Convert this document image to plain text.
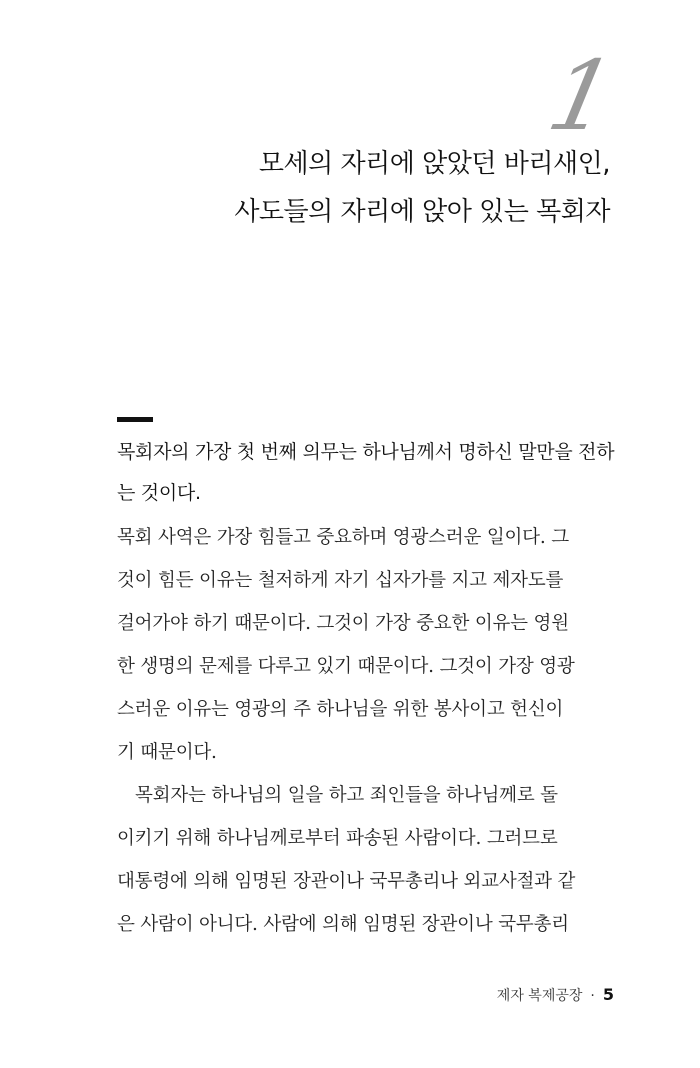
1
모세의 자리에 앉았던 바리새인,
사도들의 자리에 앉아 있는 목회자
목회자의 가장 첫 번째 의무는 하나님께서 명하신 말만을 전하는 것이다.
목회 사역은 가장 힘들고 중요하며 영광스러운 일이다. 그
것이 힘든 이유는 철저하게 자기 십자가를 지고 제자도를
걸어가야 하기 때문이다. 그것이 가장 중요한 이유는 영원
한 생명의 문제를 다루고 있기 때문이다. 그것이 가장 영광
스러운 이유는 영광의 주 하나님을 위한 봉사이고 헌신이
기 때문이다.
목회자는 하나님의 일을 하고 죄인들을 하나님께로 돌
이키기 위해 하나님께로부터 파송된 사람이다. 그러므로
대통령에 의해 임명된 장관이나 국무총리나 외교사절과 같
은 사람이 아니다. 사람에 의해 임명된 장관이나 국무총리
제자 복제공장 · 5
